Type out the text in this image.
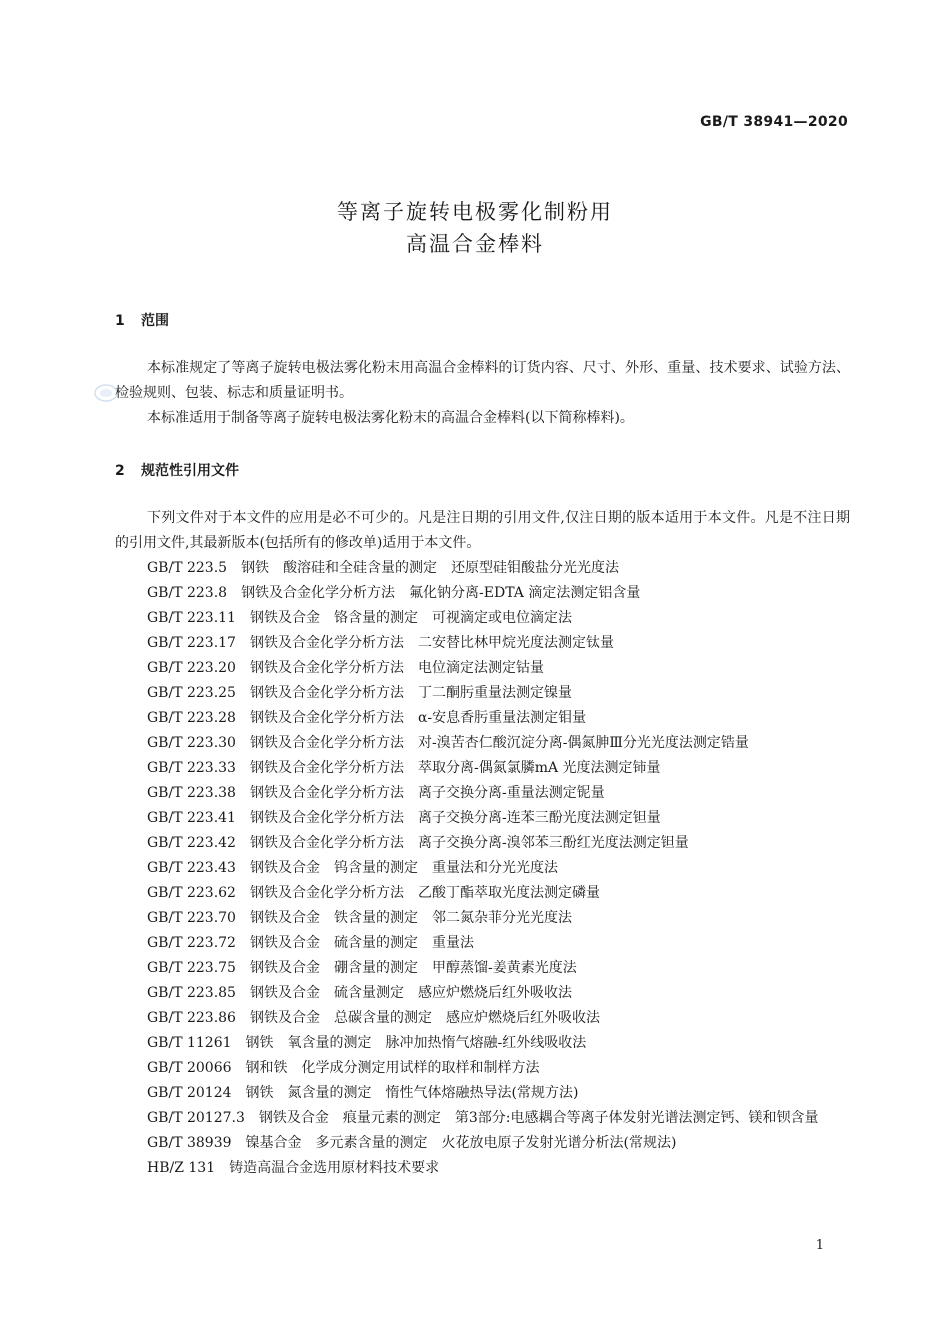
GB/T 38941—2020
等离子旋转电极雾化制粉用
高温合金棒料
1 范围

本标准规定了等离子旋转电极法雾化粉末用高温合金棒料的订货内容、尺寸、外形、重量、技术要求、试验方法、检验规则、包装、标志和质量证明书。

本标准适用于制备等离子旋转电极法雾化粉末的高温合金棒料(以下简称棒料)。

2 规范性引用文件

下列文件对于本文件的应用是必不可少的。凡是注日期的引用文件,仅注日期的版本适用于本文件。凡是不注日期的引用文件,其最新版本(包括所有的修改单)适用于本文件。

GB/T 223.5 钢铁 酸溶硅和全硅含量的测定 还原型硅钼酸盐分光光度法
GB/T 223.8 钢铁及合金化学分析方法 氟化钠分离-EDTA 滴定法测定铝含量
GB/T 223.11 钢铁及合金 铬含量的测定 可视滴定或电位滴定法
GB/T 223.17 钢铁及合金化学分析方法 二安替比林甲烷光度法测定钛量
GB/T 223.20 钢铁及合金化学分析方法 电位滴定法测定钴量
GB/T 223.25 钢铁及合金化学分析方法 丁二酮肟重量法测定镍量
GB/T 223.28 钢铁及合金化学分析方法 α-安息香肟重量法测定钼量
GB/T 223.30 钢铁及合金化学分析方法 对-溴苦杏仁酸沉淀分离-偶氮胂Ⅲ分光光度法测定锆量
GB/T 223.33 钢铁及合金化学分析方法 萃取分离-偶氮氯膦mA 光度法测定铈量
GB/T 223.38 钢铁及合金化学分析方法 离子交换分离-重量法测定铌量
GB/T 223.41 钢铁及合金化学分析方法 离子交换分离-连苯三酚光度法测定钽量
GB/T 223.42 钢铁及合金化学分析方法 离子交换分离-溴邻苯三酚红光度法测定钽量
GB/T 223.43 钢铁及合金 钨含量的测定 重量法和分光光度法
GB/T 223.62 钢铁及合金化学分析方法 乙酸丁酯萃取光度法测定磷量
GB/T 223.70 钢铁及合金 铁含量的测定 邻二氮杂菲分光光度法
GB/T 223.72 钢铁及合金 硫含量的测定 重量法
GB/T 223.75 钢铁及合金 硼含量的测定 甲醇蒸馏-姜黄素光度法
GB/T 223.85 钢铁及合金 硫含量测定 感应炉燃烧后红外吸收法
GB/T 223.86 钢铁及合金 总碳含量的测定 感应炉燃烧后红外吸收法
GB/T 11261 钢铁 氧含量的测定 脉冲加热惰气熔融-红外线吸收法
GB/T 20066 钢和铁 化学成分测定用试样的取样和制样方法
GB/T 20124 钢铁 氮含量的测定 惰性气体熔融热导法(常规方法)
GB/T 20127.3 钢铁及合金 痕量元素的测定 第3部分:电感耦合等离子体发射光谱法测定钙、镁和钡含量
GB/T 38939 镍基合金 多元素含量的测定 火花放电原子发射光谱分析法(常规法)
HB/Z 131 铸造高温合金选用原材料技术要求
1
